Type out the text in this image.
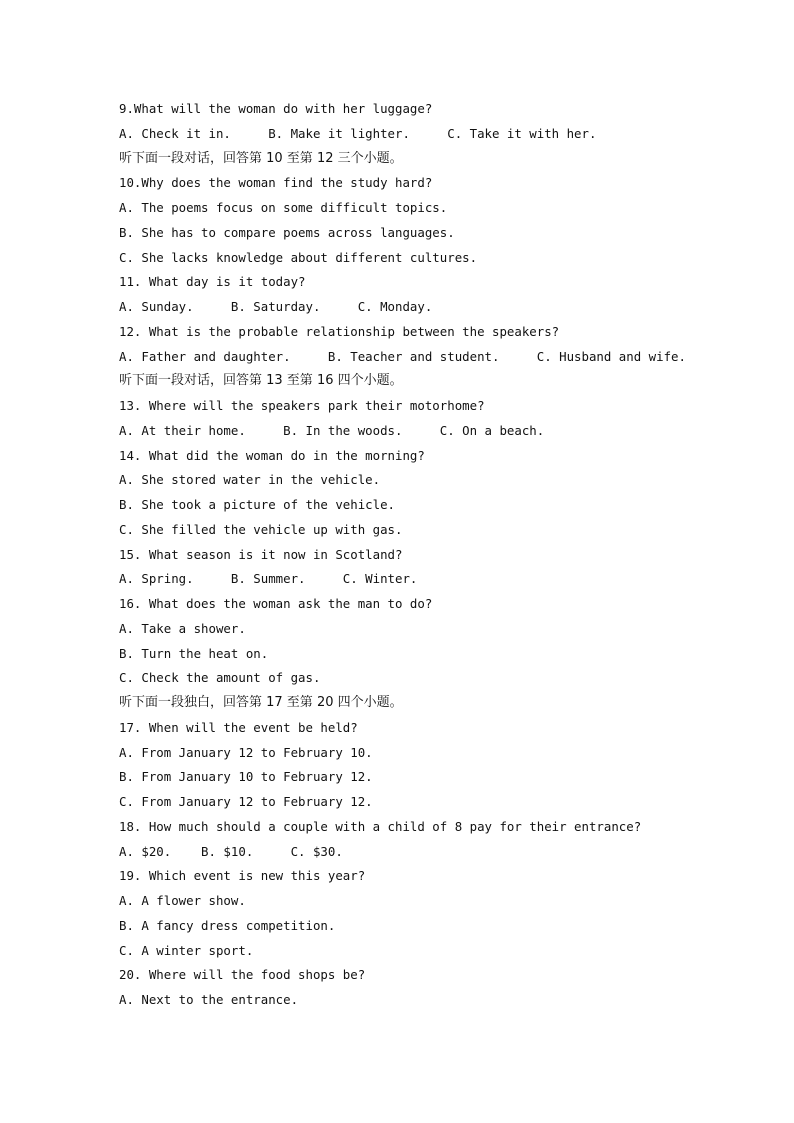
9.What will the woman do with her luggage?
A. Check it in.     B. Make it lighter.     C. Take it with her.
听下面一段对话，回答第 10 至第 12 三个小题。
10.Why does the woman find the study hard?
A. The poems focus on some difficult topics.
B. She has to compare poems across languages.
C. She lacks knowledge about different cultures.
11. What day is it today?
A. Sunday.     B. Saturday.     C. Monday.
12. What is the probable relationship between the speakers?
A. Father and daughter.     B. Teacher and student.     C. Husband and wife.
听下面一段对话，回答第 13 至第 16 四个小题。
13. Where will the speakers park their motorhome?
A. At their home.     B. In the woods.     C. On a beach.
14. What did the woman do in the morning?
A. She stored water in the vehicle.
B. She took a picture of the vehicle.
C. She filled the vehicle up with gas.
15. What season is it now in Scotland?
A. Spring.     B. Summer.     C. Winter.
16. What does the woman ask the man to do?
A. Take a shower.
B. Turn the heat on.
C. Check the amount of gas.
听下面一段独白，回答第 17 至第 20 四个小题。
17. When will the event be held?
A. From January 12 to February 10.
B. From January 10 to February 12.
C. From January 12 to February 12.
18. How much should a couple with a child of 8 pay for their entrance?
A. $20.    B. $10.     C. $30.
19. Which event is new this year?
A. A flower show.
B. A fancy dress competition.
C. A winter sport.
20. Where will the food shops be?
A. Next to the entrance.
